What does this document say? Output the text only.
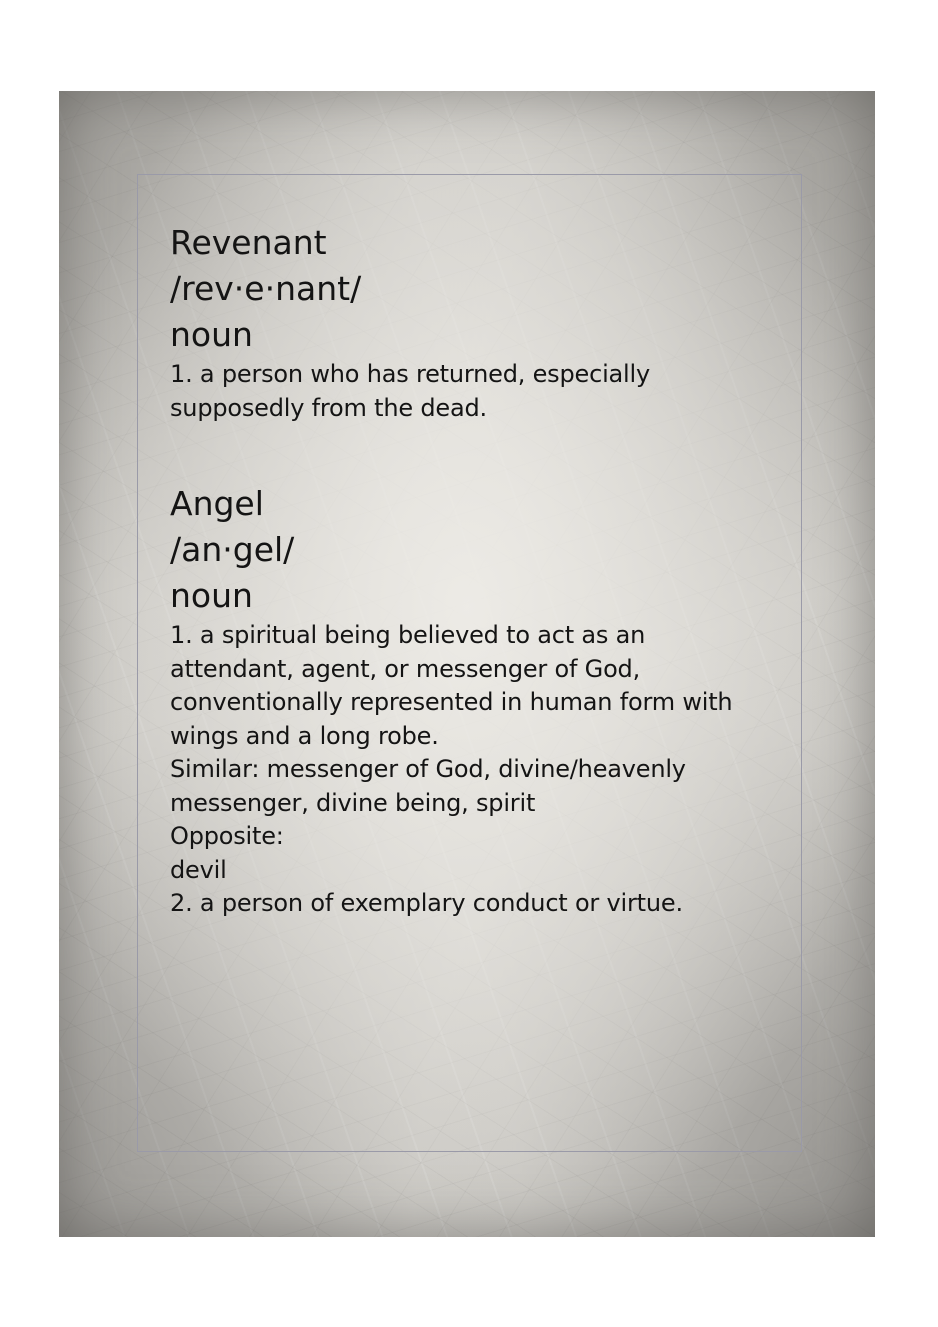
Revenant

/rev·e·nant/

noun

1. a person who has returned, especially

supposedly from the dead.

Angel

/an·gel/

noun

1. a spiritual being believed to act as an

attendant, agent, or messenger of God,

conventionally represented in human form with

wings and a long robe.

Similar: messenger of God, divine/heavenly

messenger, divine being, spirit

Opposite:

devil

2. a person of exemplary conduct or virtue.
